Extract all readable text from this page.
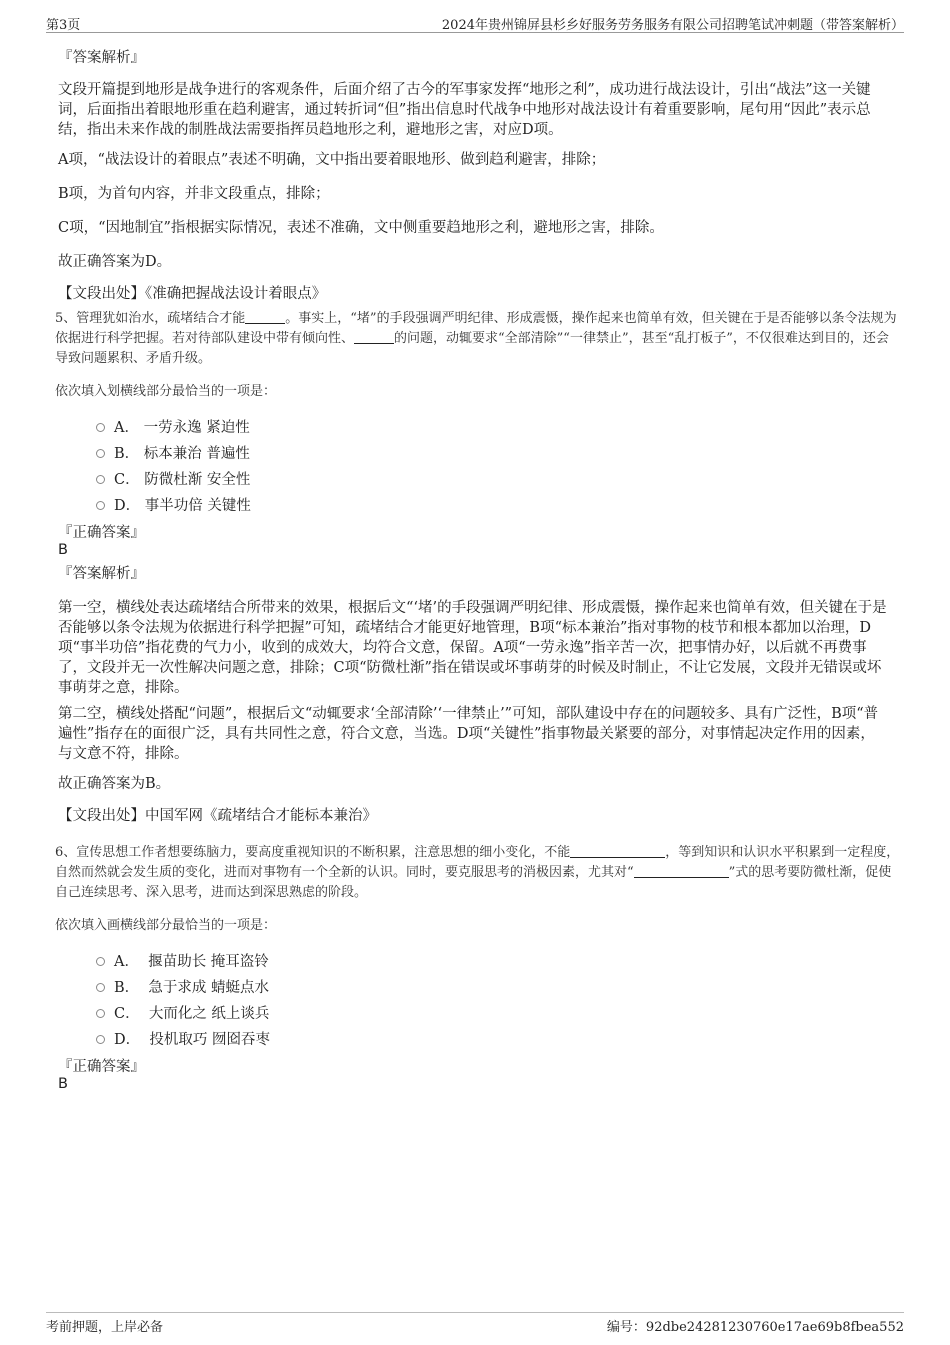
第3页	2024年贵州锦屏县杉乡好服务劳务服务有限公司招聘笔试冲刺题（带答案解析）
『答案解析』
文段开篇提到地形是战争进行的客观条件，后面介绍了古今的军事家发挥“地形之利”，成功进行战法设计，引出“战法”这一关键词，后面指出着眼地形重在趋利避害，通过转折词“但”指出信息时代战争中地形对战法设计有着重要影响，尾句用“因此”表示总结，指出未来作战的制胜战法需要指挥员趋地形之利，避地形之害，对应D项。
A项，“战法设计的着眼点”表述不明确，文中指出要着眼地形、做到趋利避害，排除；
B项，为首句内容，并非文段重点，排除；
C项，“因地制宜”指根据实际情况，表述不准确，文中侧重要趋地形之利，避地形之害，排除。
故正确答案为D。
【文段出处】《准确把握战法设计着眼点》
5、管理犹如治水，疏堵结合才能	。事实上，“堵”的手段强调严明纪律、形成震慑，操作起来也简单有效，但关键在于是否能够以条令法规为依据进行科学把握。若对待部队建设中带有倾向性、	的问题，动辄要求“全部清除”“一律禁止”，甚至“乱打板子”，不仅很难达到目的，还会导致问题累积、矛盾升级。
依次填入划横线部分最恰当的一项是：
A． 一劳永逸 紧迫性
B． 标本兼治 普遍性
C． 防微杜渐 安全性
D． 事半功倍 关键性
『正确答案』
B
『答案解析』
第一空，横线处表达疏堵结合所带来的效果，根据后文“‘堵’的手段强调严明纪律、形成震慑，操作起来也简单有效，但关键在于是否能够以条令法规为依据进行科学把握”可知，疏堵结合才能更好地管理，B项“标本兼治”指对事物的枝节和根本都加以治理，D项“事半功倍”指花费的气力小，收到的成效大，均符合文意，保留。A项“一劳永逸”指辛苦一次，把事情办好，以后就不再费事了，文段并无一次性解决问题之意，排除；C项“防微杜渐”指在错误或坏事萌芽的时候及时制止，不让它发展，文段并无错误或坏事萌芽之意，排除。
第二空，横线处搭配“问题”，根据后文“动辄要求‘全部清除’‘一律禁止’”可知，部队建设中存在的问题较多、具有广泛性，B项“普遍性”指存在的面很广泛，具有共同性之意，符合文意，当选。D项“关键性”指事物最关紧要的部分，对事情起决定作用的因素，与文意不符，排除。
故正确答案为B。
【文段出处】中国军网《疏堵结合才能标本兼治》
6、宣传思想工作者想要练脑力，要高度重视知识的不断积累，注意思想的细小变化，不能	，等到知识和认识水平积累到一定程度，自然而然就会发生质的变化，进而对事物有一个全新的认识。同时，要克服思考的消极因素，尤其对“	”式的思考要防微杜渐，促使自己连续思考、深入思考，进而达到深思熟虑的阶段。
依次填入画横线部分最恰当的一项是：
A． 揠苗助长 掩耳盗铃
B． 急于求成 蜻蜓点水
C． 大而化之 纸上谈兵
D． 投机取巧 囫囵吞枣
『正确答案』
B
考前押题，上岸必备	编号：92dbe24281230760e17ae69b8fbea552
